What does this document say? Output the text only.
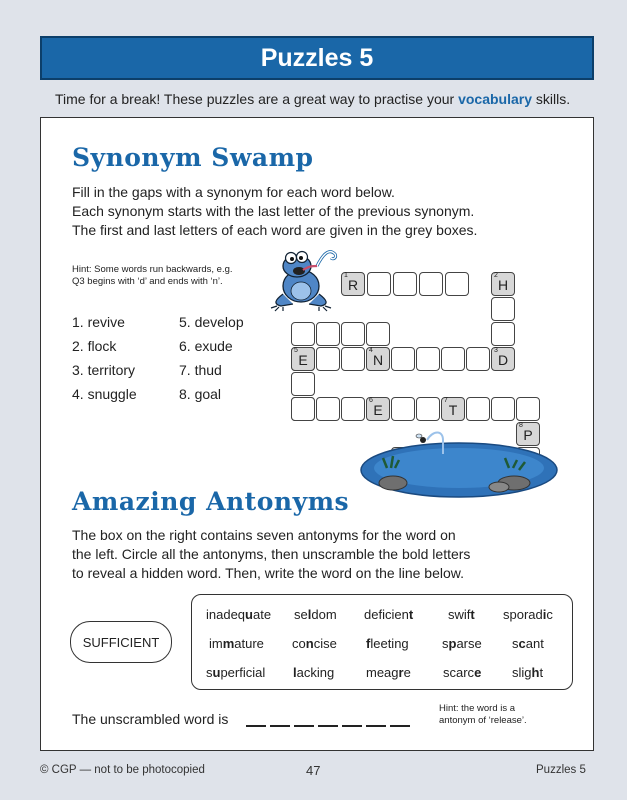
Puzzles 5

Time for a break! These puzzles are a great way to practise your vocabulary skills.

Synonym Swamp
Fill in the gaps with a synonym for each word below.
Each synonym starts with the last letter of the previous synonym.
The first and last letters of each word are given in the grey boxes.
Hint: Some words run backwards, e.g.
Q3 begins with ‘d’ and ends with ‘n’.
1. revive	5. develop
2. flock	6. exude
3. territory	7. thud
4. snuggle	8. goal
1
R
2
H
5
E
4
N
3
D
6
E
7
T
8
P
Amazing Antonyms
The box on the right contains seven antonyms for the word on
the left. Circle all the antonyms, then unscramble the bold letters
to reveal a hidden word. Then, write the word on the line below.
SUFFICIENT
inadequate seldom deficient	swift sporadic
immature concise fleeting	sparse scant
superficial lacking meagre scarce slight
The unscrambled word is
Hint: the word is a
antonym of ‘release’.
© CGP — not to be photocopied	47	Puzzles 5
